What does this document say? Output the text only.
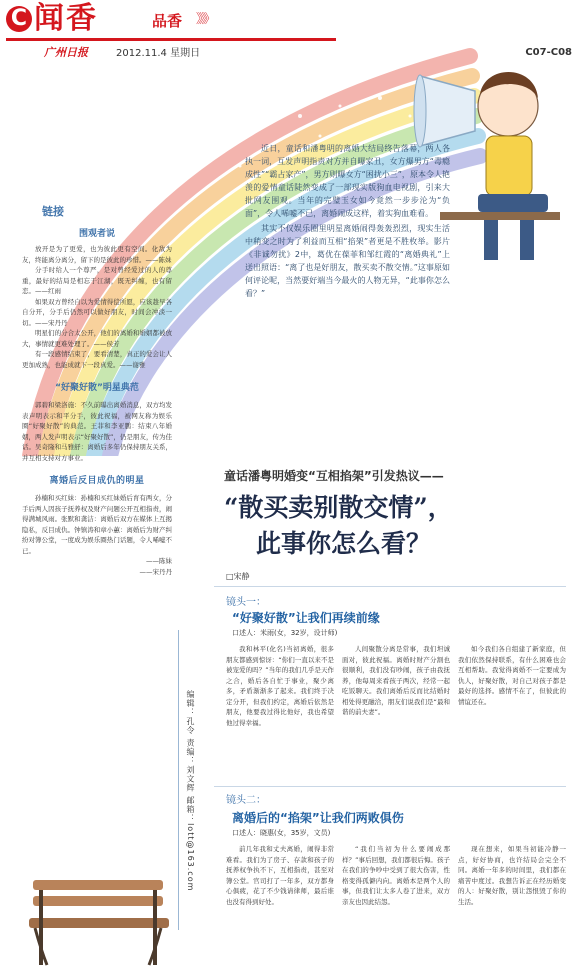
C 闻香	品香 》》》
广州日报	2012.11.4 星期日	C07-C08

近日，童话和潘粤明的离婚大结局终告落幕，两人各执一词，互发声明指责对方并自曝家丑，女方爆男方“毒瘾成性”“霸占家产”，男方则曝女方“困扰小三”，原本令人艳羡的爱情童话陡然变成了一部现实版狗血电视剧，引来大批网友围观。当年的完璧玉女如今竟然一步步沦为“负面”，令人唏嘘不已，离婚闹成这样，着实狗血难看。

其实不仅娱乐圈里明星离婚闹得轰轰烈烈，现实生活中稍变之时为了利益而互相“掐架”者更是不胜枚举。影片《非诚勿扰》2中，葛优在葆菲和邹红霞的“离婚典礼”上送出照语：“离了也是好朋友，散买卖不散交情。”这事原如何评论呢，当然要好端当今最火的人物无异，“此事你怎么看？”

链接
围观者说

放开是为了更爱，也为彼此更有空间。化敌为友，终能离分离分，留下的是彼此的珍惜。——陈妹

分手时给人一个尊严，是对曾经爱过的人的尊重，最好的结局是相忘于江湖，既无纠缠，也有留恋。——红雨

如果双方曾经自以为爱情得偿所愿，应该趁早各自分开，分手后仍然可以做好朋友，时间会冲淡一切。——宋丹丹

明星们的分合太公开，他们的离婚和婚姻都被放大，事情就更难处理了。——侯芳

有一段感情结束了，要看清楚，真正的爱会让人更加成熟，也能成就下一段真爱。——谢雅

“好聚好散”明星典范

郭碧和梁洛施：不久前曝出离婚消息，双方均发表声明表示和平分手，彼此祝福，被网友称为娱乐圈“好聚好散”的典范。王菲和李亚鹏：结束八年婚姻，两人发声明表示“好聚好散”，仍是朋友，传为佳话。吴奇隆和马雅舒：离婚后多年仍保持朋友关系，并互相支持对方事业。

离婚后反目成仇的明星

孙楠和买红妹：孙楠和买红妹婚后育有两女，分手后两人因孩子抚养权及财产问题公开互相指责，闹得满城风雨。张默和龚洁：离婚后双方在媒体上互揭隐私，反目成仇。钟镇涛和章小蕙：离婚后为财产纠纷对簿公堂，一度成为娱乐圈热门话题，令人唏嘘不已。

——陈妹

——宋丹丹

编辑：孔令 责编：刘文辉 邮箱：lott@163.com
童话潘粤明婚变“互相掐架”引发热议——
“散买卖别散交情”，
此事你怎么看？
□宋静
镜头一：
“好聚好散”让我们再续前缘
口述人：米雨(女，32岁，设计师)

我和林平(化名)当初离婚，很多朋友都感到惊讶：“你们一直以来不是被宠爱的吗？”当年的我们几乎是天作之合，婚后各自忙于事业，聚少离多，矛盾渐渐多了起来。我们终于决定分开，但我们约定，离婚后依然是朋友，他要我过得比他好，我也希望他过得幸福。

人间聚散分离是常事，我们坦诚面对，彼此祝福。离婚时财产分割也很顺利，我们没有吵闹，孩子由我抚养，他每周来看孩子两次，经常一起吃饭聊天。我们离婚后反而比结婚时相处得更融洽，朋友们说我们是“最和谐的前夫妻”。

如今我们各自组建了新家庭，但我们依然保持联系，有什么困难也会互相帮助。我觉得离婚不一定要成为仇人，好聚好散，对自己对孩子都是最好的选择。感情不在了，但彼此的情谊还在。

镜头二：
离婚后的“掐架”让我们两败俱伤
口述人：晓惠(女，35岁，文员)

前几年我和丈夫离婚，闹得非常难看。我们为了房子、存款和孩子的抚养权争执不下，互相指责，甚至对簿公堂。官司打了一年多，双方都身心俱疲，花了不少钱请律师，最后谁也没有得到好处。

“我们当初为什么要闹成那样？”事后回想，我们都很后悔。孩子在我们的争吵中受到了很大伤害，性格变得孤僻内向。离婚本是两个人的事，但我们让太多人卷了进来，双方亲友也因此结怨。

现在想来，如果当初能冷静一点，好好协商，也许结局会完全不同。离婚一年多的时间里，我们都在痛苦中度过。我想告诉正在经历婚变的人：好聚好散，别让怨恨毁了你的生活。
